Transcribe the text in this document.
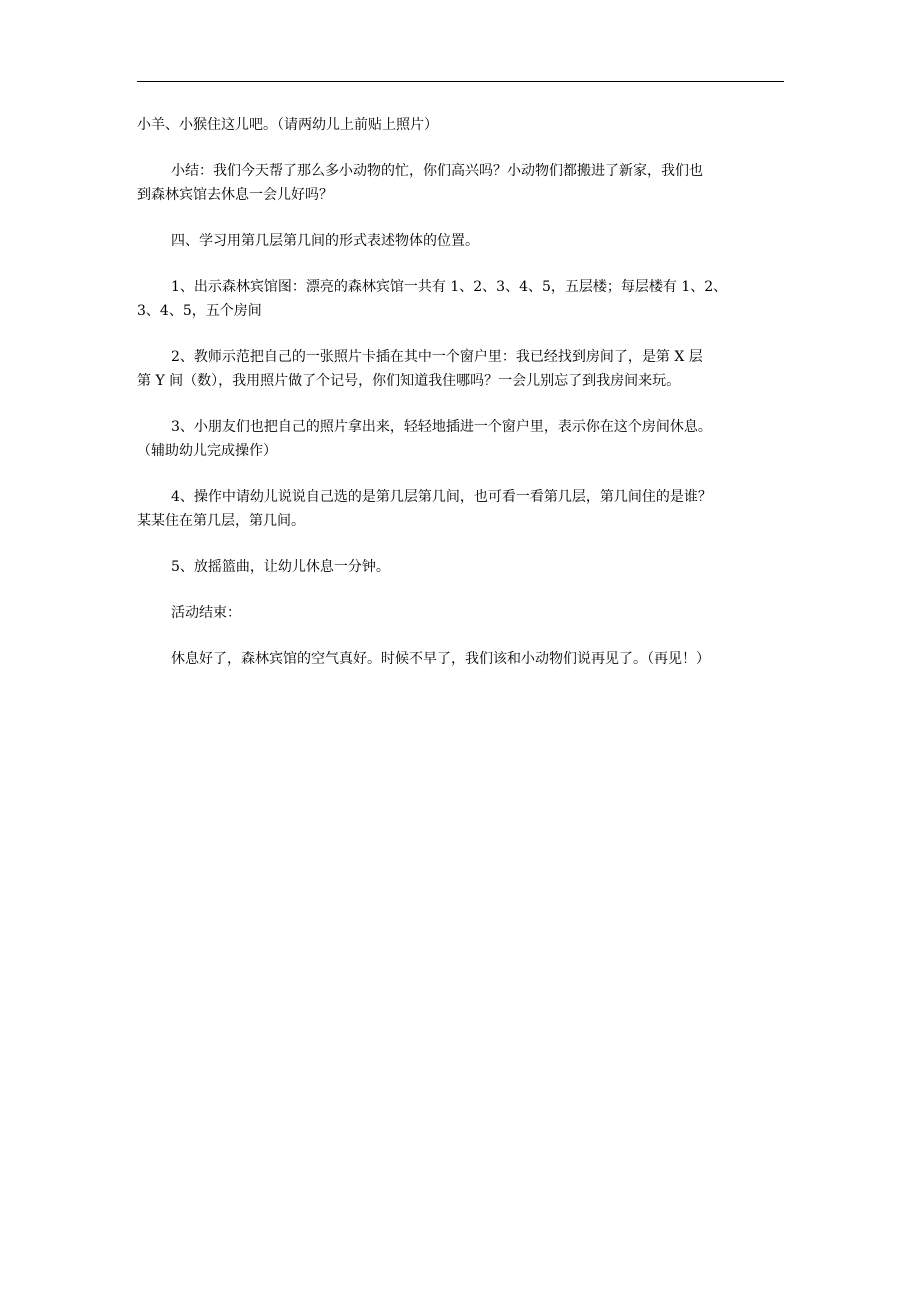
小羊、小猴住这儿吧。（请两幼儿上前贴上照片）

小结：我们今天帮了那么多小动物的忙，你们高兴吗？小动物们都搬进了新家，我们也
到森林宾馆去休息一会儿好吗？

四、学习用第几层第几间的形式表述物体的位置。

1、出示森林宾馆图：漂亮的森林宾馆一共有 1、2、3、4、5，五层楼；每层楼有 1、2、
3、4、5，五个房间

2、教师示范把自己的一张照片卡插在其中一个窗户里：我已经找到房间了，是第 X 层
第 Y 间（数），我用照片做了个记号，你们知道我住哪吗？一会儿别忘了到我房间来玩。

3、小朋友们也把自己的照片拿出来，轻轻地插进一个窗户里，表示你在这个房间休息。
（辅助幼儿完成操作）

4、操作中请幼儿说说自己选的是第几层第几间，也可看一看第几层，第几间住的是谁？
某某住在第几层，第几间。

5、放摇篮曲，让幼儿休息一分钟。

活动结束：

休息好了，森林宾馆的空气真好。时候不早了，我们该和小动物们说再见了。（再见！）
